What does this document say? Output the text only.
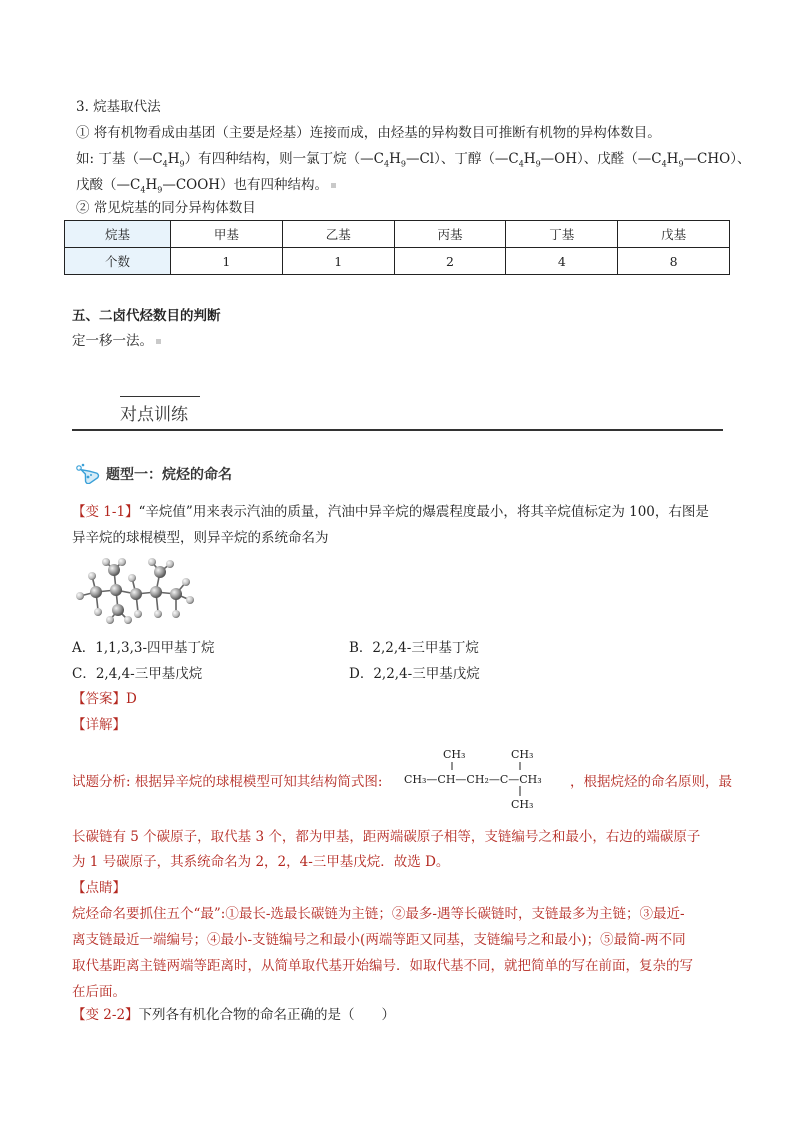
3. 烷基取代法
① 将有机物看成由基团（主要是烃基）连接而成，由烃基的异构数目可推断有机物的异构体数目。
如: 丁基$(—C_4H_9)$有四种结构，则一氯丁烷$(—C_4H_9—Cl)$、丁醇$(—C_4H_9—OH)$、戊醛$(—C_4H_9—CHO)$、
戊酸$(—C_4H_9—COOH)$也有四种结构。
② 常见烷基的同分异构体数目
烷基	甲基	乙基	丙基	丁基	戊基
个数	1	1	2	4	8
五、二卤代烃数目的判断
定一移一法。
对点训练
题型一：烷烃的命名
【变 1-1】“辛烷值”用来表示汽油的质量，汽油中异辛烷的爆震程度最小，将其辛烷值标定为 100，右图是
异辛烷的球棍模型，则异辛烷的系统命名为
A．1,1,3,3-四甲基丁烷	B．2,2,4-三甲基丁烷
C．2,4,4-三甲基戊烷	D．2,2,4-三甲基戊烷
【答案】D
【详解】
试题分析: 根据异辛烷的球棍模型可知其结构简式图:
CH₃	CH₃
CH₃—CH—CH₂—C—CH₃
CH₃
，根据烷烃的命名原则，最
长碳链有 5 个碳原子，取代基 3 个，都为甲基，距两端碳原子相等，支链编号之和最小，右边的端碳原子
为 1 号碳原子，其系统命名为 2，2，4-三甲基戊烷．故选 D。
【点睛】
烷烃命名要抓住五个“最”:①最长-选最长碳链为主链；②最多-遇等长碳链时，支链最多为主链；③最近-
离支链最近一端编号；④最小-支链编号之和最小(两端等距又同基，支链编号之和最小)；⑤最简-两不同
取代基距离主链两端等距离时，从简单取代基开始编号．如取代基不同，就把简单的写在前面，复杂的写
在后面。
【变 2-2】下列各有机化合物的命名正确的是（　　）
